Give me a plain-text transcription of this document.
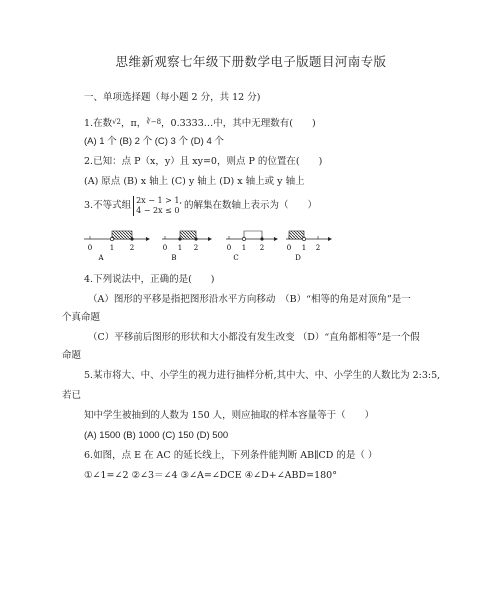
思维新观察七年级下册数学电子版题目河南专版
一、单项选择题（每小题 2 分，共 12 分)
1.在数$^{√2}$，π，$^{∛-8}$，0.3333…中，其中无理数有(　　)
(A) 1 个 (B) 2 个 (C) 3 个 (D) 4 个
2.已知：点 P（x，y）且 xy=0，则点 P 的位置在(　　)
(A) 原点 (B) x 轴上 (C) y 轴上 (D) x 轴上或 y 轴上
3.不等式组 2x − 1 > 1,
4 − 2x ≤ 0 的解集在数轴上表示为（　　）
0	1 2
A
0 1 2
B
0 1 2
C
0 1 2
D
4.下列说法中，正确的是(　　)
（A）图形的平移是指把图形沿水平方向移动　（B）“相等的角是对顶角”是一
个真命题
（C）平移前后图形的形状和大小都没有发生改变 （D）“直角都相等”是一个假
命题
5.某市将大、中、小学生的视力进行抽样分析,其中大、中、小学生的人数比为 2:3:5,
若已
知中学生被抽到的人数为 150 人，则应抽取的样本容量等于（　　）
(A) 1500 (B) 1000 (C) 150 (D) 500
6.如图，点 E 在 AC 的延长线上，下列条件能判断 AB∥CD 的是（ ）
①∠1=∠2 ②∠3＝∠4 ③∠A=∠DCE ④∠D+∠ABD=180°
